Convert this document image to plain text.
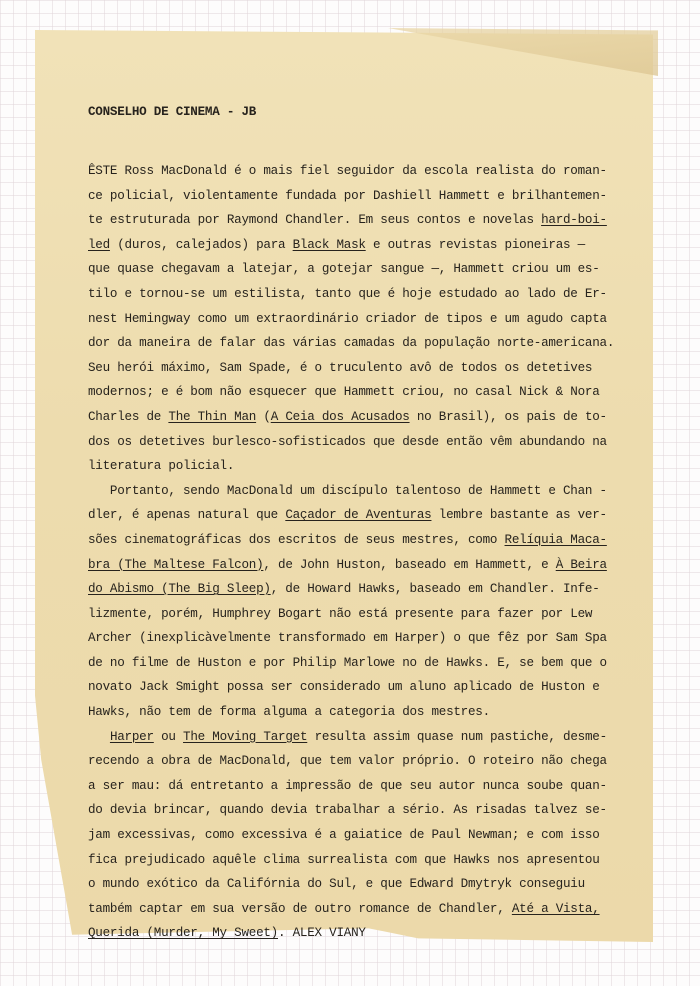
CONSELHO DE CINEMA - JB
ÊSTE Ross MacDonald é o mais fiel seguidor da escola realista do roman-
ce policial, violentamente fundada por Dashiell Hammett e brilhantemen-
te estruturada por Raymond Chandler. Em seus contos e novelas hard-boi-
led (duros, calejados) para Black Mask e outras revistas pioneiras —
que quase chegavam a latejar, a gotejar sangue —, Hammett criou um es-
tilo e tornou-se um estilista, tanto que é hoje estudado ao lado de Er-
nest Hemingway como um extraordinário criador de tipos e um agudo capta
dor da maneira de falar das várias camadas da população norte-americana.
Seu herói máximo, Sam Spade, é o truculento avô de todos os detetives
modernos; e é bom não esquecer que Hammett criou, no casal Nick & Nora
Charles de The Thin Man (A Ceia dos Acusados no Brasil), os pais de to-
dos os detetives burlesco-sofisticados que desde então vêm abundando na
literatura policial.
Portanto, sendo MacDonald um discípulo talentoso de Hammett e Chan -
dler, é apenas natural que Caçador de Aventuras lembre bastante as ver-
sões cinematográficas dos escritos de seus mestres, como Relíquia Maca-
bra (The Maltese Falcon), de John Huston, baseado em Hammett, e À Beira
do Abismo (The Big Sleep), de Howard Hawks, baseado em Chandler. Infe-
lizmente, porém, Humphrey Bogart não está presente para fazer por Lew
Archer (inexplicàvelmente transformado em Harper) o que fêz por Sam Spa
de no filme de Huston e por Philip Marlowe no de Hawks. E, se bem que o
novato Jack Smight possa ser considerado um aluno aplicado de Huston e
Hawks, não tem de forma alguma a categoria dos mestres.
Harper ou The Moving Target resulta assim quase num pastiche, desme-
recendo a obra de MacDonald, que tem valor próprio. O roteiro não chega
a ser mau: dá entretanto a impressão de que seu autor nunca soube quan-
do devia brincar, quando devia trabalhar a sério. As risadas talvez se-
jam excessivas, como excessiva é a gaiatice de Paul Newman; e com isso
fica prejudicado aquêle clima surrealista com que Hawks nos apresentou
o mundo exótico da Califórnia do Sul, e que Edward Dmytryk conseguiu
também captar em sua versão de outro romance de Chandler, Até a Vista,
Querida (Murder, My Sweet). ALEX VIANY
